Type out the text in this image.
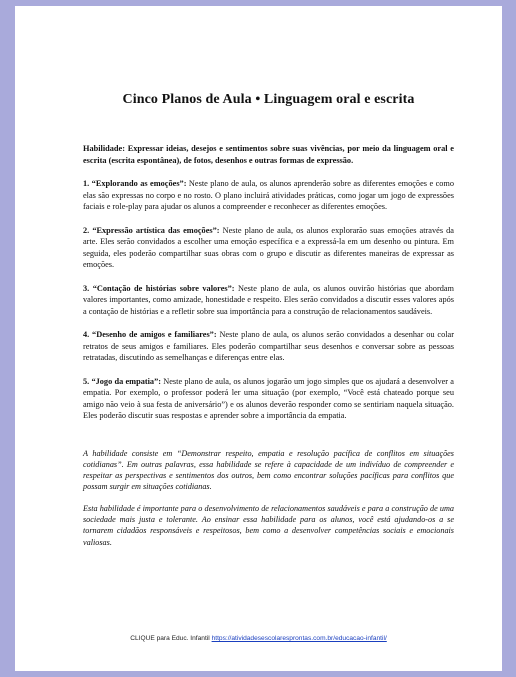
Cinco Planos de Aula • Linguagem oral e escrita
Habilidade: Expressar ideias, desejos e sentimentos sobre suas vivências, por meio da linguagem oral e escrita (escrita espontânea), de fotos, desenhos e outras formas de expressão.
1. “Explorando as emoções”: Neste plano de aula, os alunos aprenderão sobre as diferentes emoções e como elas são expressas no corpo e no rosto. O plano incluirá atividades práticas, como jogar um jogo de expressões faciais e role-play para ajudar os alunos a compreender e reconhecer as diferentes emoções.
2. “Expressão artística das emoções”: Neste plano de aula, os alunos explorarão suas emoções através da arte. Eles serão convidados a escolher uma emoção específica e a expressá-la em um desenho ou pintura. Em seguida, eles poderão compartilhar suas obras com o grupo e discutir as diferentes maneiras de expressar as emoções.
3. “Contação de histórias sobre valores”: Neste plano de aula, os alunos ouvirão histórias que abordam valores importantes, como amizade, honestidade e respeito. Eles serão convidados a discutir esses valores após a contação de histórias e a refletir sobre sua importância para a construção de relacionamentos saudáveis.
4. “Desenho de amigos e familiares”: Neste plano de aula, os alunos serão convidados a desenhar ou colar retratos de seus amigos e familiares. Eles poderão compartilhar seus desenhos e conversar sobre as pessoas retratadas, discutindo as semelhanças e diferenças entre elas.
5. “Jogo da empatia”: Neste plano de aula, os alunos jogarão um jogo simples que os ajudará a desenvolver a empatia. Por exemplo, o professor poderá ler uma situação (por exemplo, “Você está chateado porque seu amigo não veio à sua festa de aniversário”) e os alunos deverão responder como se sentiriam naquela situação. Eles poderão discutir suas respostas e aprender sobre a importância da empatia.
A habilidade consiste em “Demonstrar respeito, empatia e resolução pacífica de conflitos em situações cotidianas”. Em outras palavras, essa habilidade se refere à capacidade de um indivíduo de compreender e respeitar as perspectivas e sentimentos dos outros, bem como encontrar soluções pacíficas para conflitos que possam surgir em situações cotidianas.
Esta habilidade é importante para o desenvolvimento de relacionamentos saudáveis e para a construção de uma sociedade mais justa e tolerante. Ao ensinar essa habilidade para os alunos, você está ajudando-os a se tornarem cidadãos responsáveis e respeitosos, bem como a desenvolver competências sociais e emocionais valiosas.
CLIQUE para Educ. Infantil https://atividadesescolaresprontas.com.br/educacao-infantil/
